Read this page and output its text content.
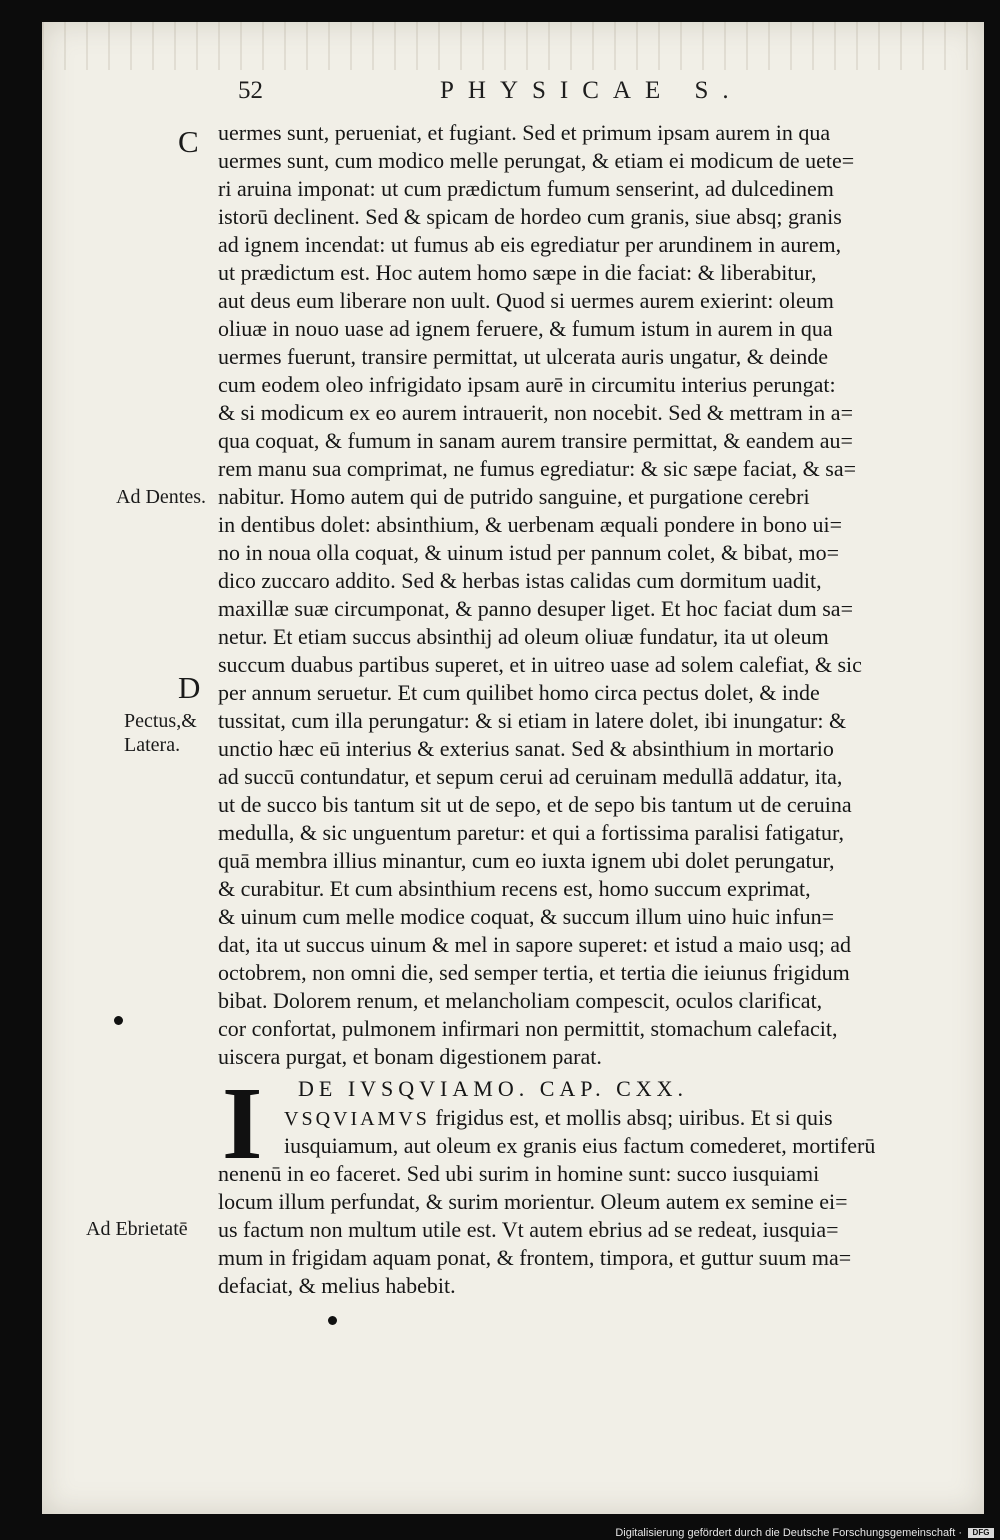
52	PHYSICAE S.
C
Ad Dentes.
D
Pectus,&
Latera.
Ad Ebrietatē
uermes sunt, perueniat, et fugiant. Sed et primum ipsam aurem in qua
uermes sunt, cum modico melle perungat, & etiam ei modicum de uete=
ri aruina imponat: ut cum prædictum fumum senserint, ad dulcedinem
istorū declinent. Sed & spicam de hordeo cum granis, siue absq; granis
ad ignem incendat: ut fumus ab eis egrediatur per arundinem in aurem,
ut prædictum est. Hoc autem homo sæpe in die faciat: & liberabitur,
aut deus eum liberare non uult. Quod si uermes aurem exierint: oleum
oliuæ in nouo uase ad ignem feruere, & fumum istum in aurem in qua
uermes fuerunt, transire permittat, ut ulcerata auris ungatur, & deinde
cum eodem oleo infrigidato ipsam aurē in circumitu interius perungat:
& si modicum ex eo aurem intrauerit, non nocebit. Sed & mettram in a=
qua coquat, & fumum in sanam aurem transire permittat, & eandem au=
rem manu sua comprimat, ne fumus egrediatur: & sic sæpe faciat, & sa=
nabitur. Homo autem qui de putrido sanguine, et purgatione cerebri
in dentibus dolet: absinthium, & uerbenam æquali pondere in bono ui=
no in noua olla coquat, & uinum istud per pannum colet, & bibat, mo=
dico zuccaro addito. Sed & herbas istas calidas cum dormitum uadit,
maxillæ suæ circumponat, & panno desuper liget. Et hoc faciat dum sa=
netur. Et etiam succus absinthij ad oleum oliuæ fundatur, ita ut oleum
succum duabus partibus superet, et in uitreo uase ad solem calefiat, & sic
per annum seruetur. Et cum quilibet homo circa pectus dolet, & inde
tussitat, cum illa perungatur: & si etiam in latere dolet, ibi inungatur: &
unctio hæc eū interius & exterius sanat. Sed & absinthium in mortario
ad succū contundatur, et sepum cerui ad ceruinam medullā addatur, ita,
ut de succo bis tantum sit ut de sepo, et de sepo bis tantum ut de ceruina
medulla, & sic unguentum paretur: et qui a fortissima paralisi fatigatur,
quā membra illius minantur, cum eo iuxta ignem ubi dolet perungatur,
& curabitur. Et cum absinthium recens est, homo succum exprimat,
& uinum cum melle modice coquat, & succum illum uino huic infun=
dat, ita ut succus uinum & mel in sapore superet: et istud a maio usq; ad
octobrem, non omni die, sed semper tertia, et tertia die ieiunus frigidum
bibat. Dolorem renum, et melancholiam compescit, oculos clarificat,
cor confortat, pulmonem infirmari non permittit, stomachum calefacit,
uiscera purgat, et bonam digestionem parat.
DE IVSQVIAMO. CAP. CXX.
I	VSQVIAMVS frigidus est, et mollis absq; uiribus. Et si quis
iusquiamum, aut oleum ex granis eius factum comederet, mortiferū
nenenū in eo faceret. Sed ubi surim in homine sunt: succo iusquiami
locum illum perfundat, & surim morientur. Oleum autem ex semine ei=
us factum non multum utile est. Vt autem ebrius ad se redeat, iusquia=
mum in frigidam aquam ponat, & frontem, timpora, et guttur suum ma=
defaciat, & melius habebit.
Digitalisierung gefördert durch die Deutsche Forschungsgemeinschaft ·	DFG
